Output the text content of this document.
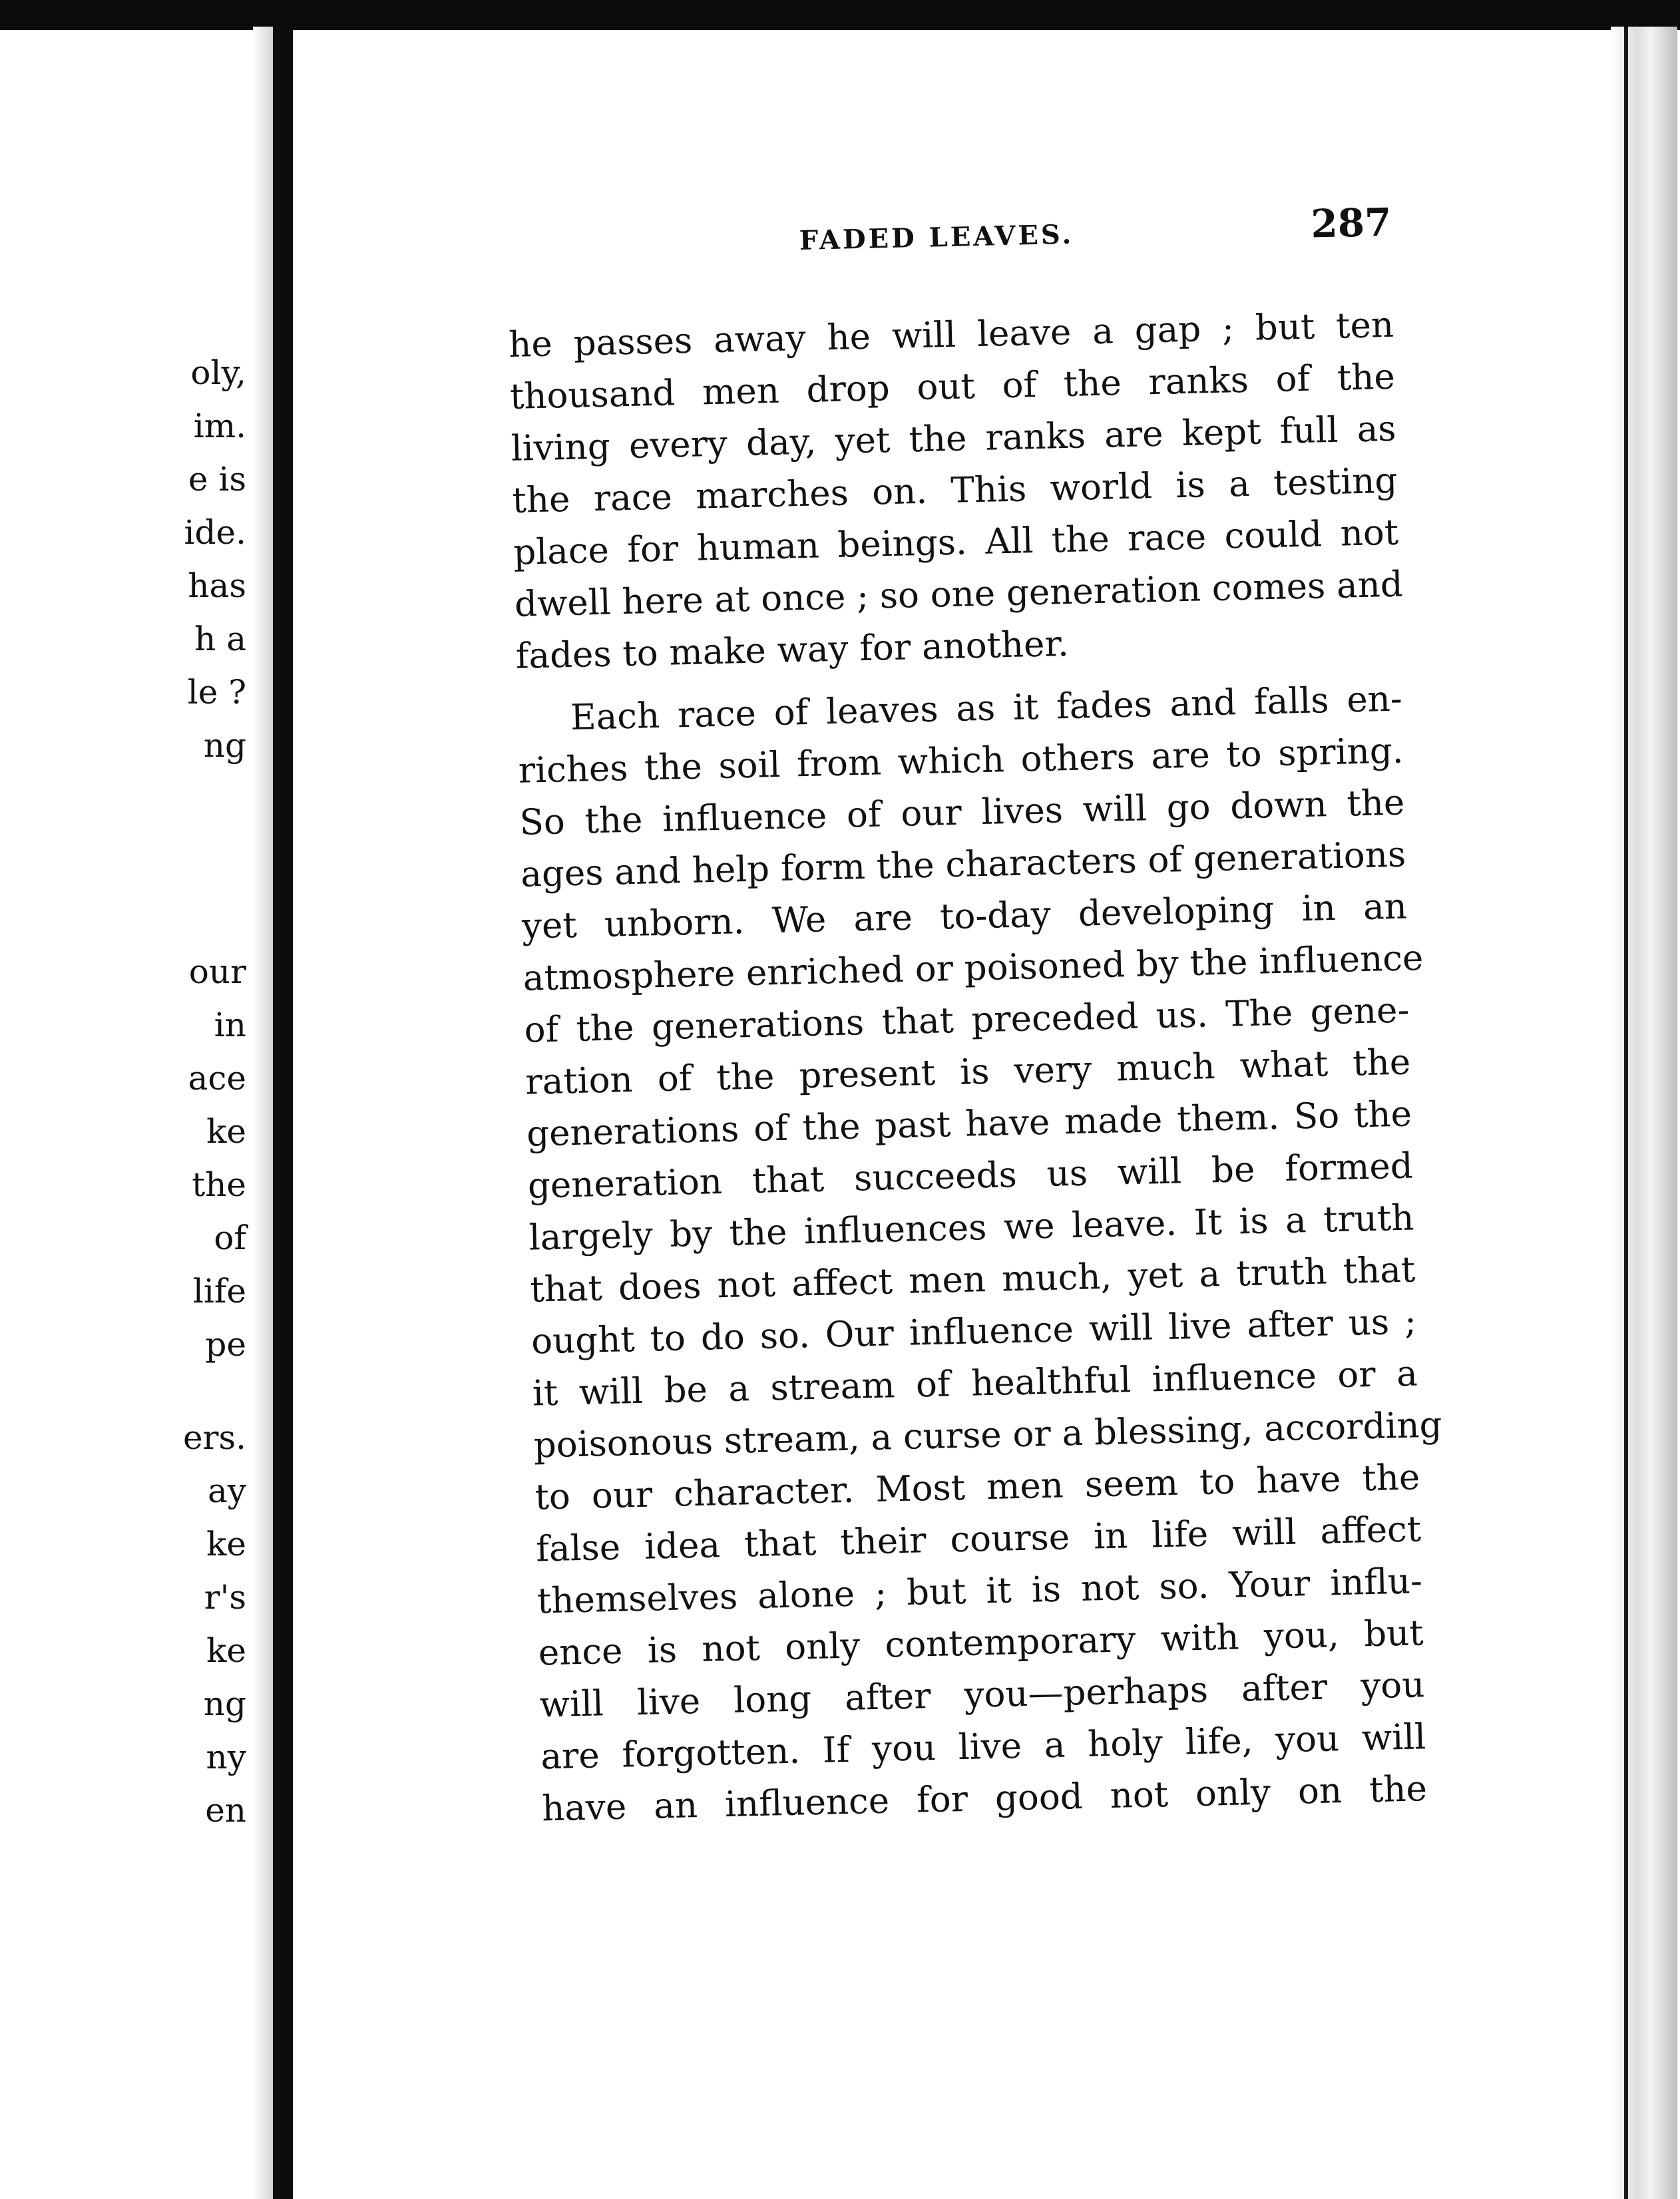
oly,
im.
e is
ide.
has
h a
le ?
ng
our
in
ace
ke
the
of
life
pe
ers.
ay
ke
r's
ke
ng
ny
en
FADED LEAVES.	287
he passes away he will leave a gap ; but ten
thousand men drop out of the ranks of the
living every day, yet the ranks are kept full as
the race marches on. This world is a testing
place for human beings. All the race could not
dwell here at once ; so one generation comes and
fades to make way for another.
Each race of leaves as it fades and falls en-
riches the soil from which others are to spring.
So the influence of our lives will go down the
ages and help form the characters of generations
yet unborn. We are to-day developing in an
atmosphere enriched or poisoned by the influence
of the generations that preceded us. The gene-
ration of the present is very much what the
generations of the past have made them. So the
generation that succeeds us will be formed
largely by the influences we leave. It is a truth
that does not affect men much, yet a truth that
ought to do so. Our influence will live after us ;
it will be a stream of healthful influence or a
poisonous stream, a curse or a blessing, according
to our character. Most men seem to have the
false idea that their course in life will affect
themselves alone ; but it is not so. Your influ-
ence is not only contemporary with you, but
will live long after you—perhaps after you
are forgotten. If you live a holy life, you will
have an influence for good not only on the
